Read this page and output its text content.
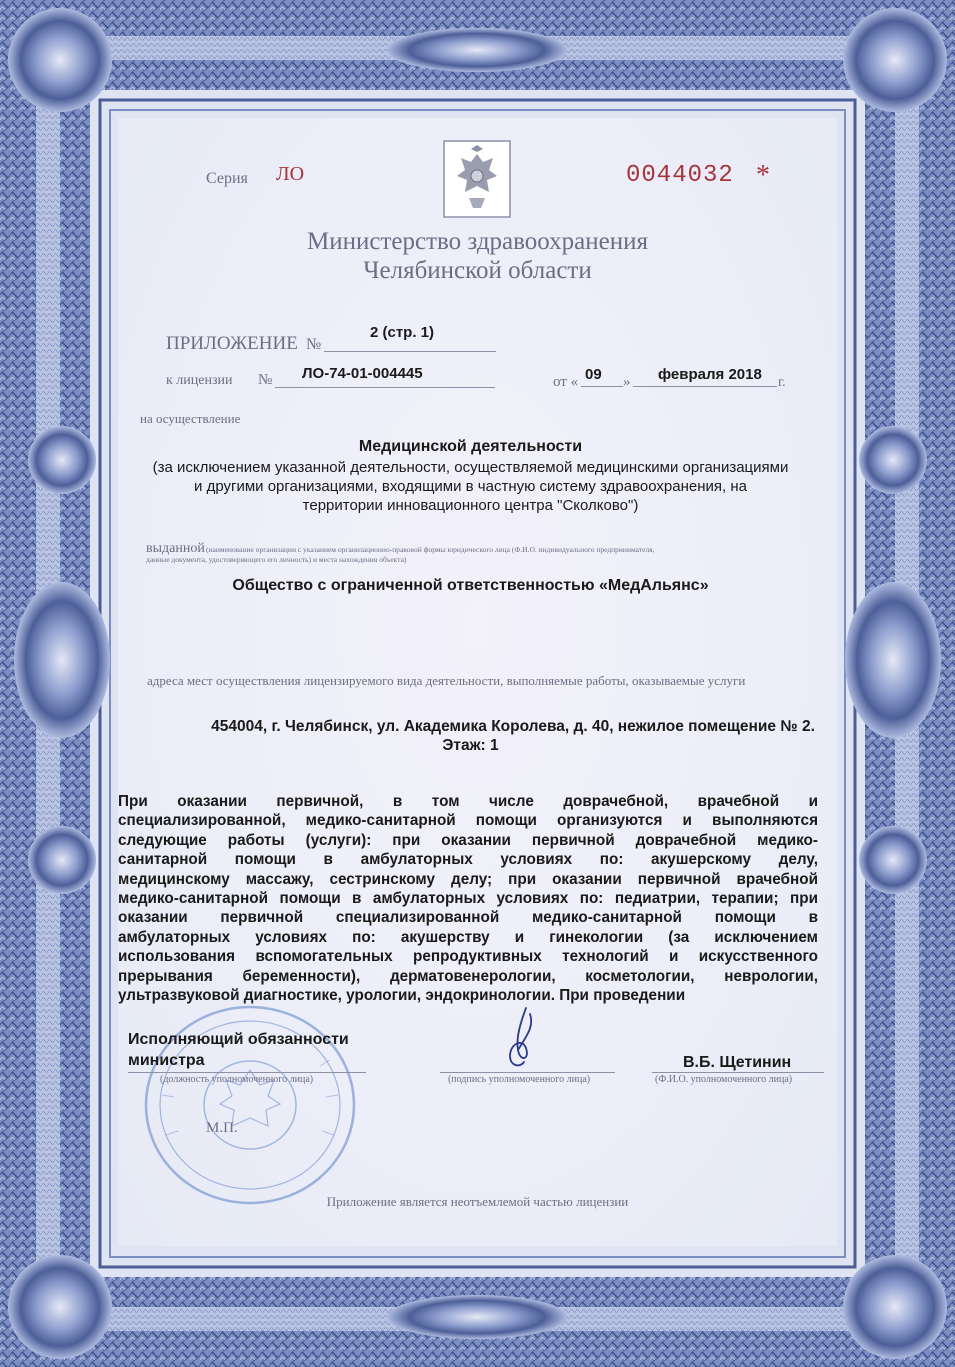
Серия ЛО	0044032 *
Министерство здравоохранения
Челябинской области
ПРИЛОЖЕНИЕ №
2 (стр. 1)
к лицензии № ЛО-74-01-004445	от « 09 » февраля 2018 г.
на осуществление
Медицинской деятельности
(за исключением указанной деятельности, осуществляемой медицинскими организациями
и другими организациями, входящими в частную систему здравоохранения, на
территории инновационного центра "Сколково")
выданной (наименование организации с указанием организационно-правовой формы юридического лица (Ф.И.О. индивидуального предпринимателя,
данные документа, удостоверяющего его личность) и места нахождения объекта)
Общество с ограниченной ответственностью «МедАльянс»
адреса мест осуществления лицензируемого вида деятельности, выполняемые работы, оказываемые услуги
454004, г. Челябинск, ул. Академика Королева, д. 40, нежилое помещение № 2.
Этаж: 1
При оказании первичной, в том числе доврачебной, врачебной и
специализированной, медико-санитарной помощи организуются и выполняются
следующие работы (услуги): при оказании первичной доврачебной медико-
санитарной помощи в амбулаторных условиях по: акушерскому делу,
медицинскому массажу, сестринскому делу; при оказании первичной врачебной
медико-санитарной помощи в амбулаторных условиях по: педиатрии, терапии; при
оказании первичной специализированной медико-санитарной помощи в
амбулаторных условиях по: акушерству и гинекологии (за исключением
использования вспомогательных репродуктивных технологий и искусственного
прерывания беременности), дерматовенерологии, косметологии, неврологии,
ультразвуковой диагностике, урологии, эндокринологии. При проведении
Исполняющий обязанности
министра
(должность уполномоченного лица)	(подпись уполномоченного лица)
В.Б. Щетинин
(Ф.И.О. уполномоченного лица)
М.П.
Приложение является неотъемлемой частью лицензии
